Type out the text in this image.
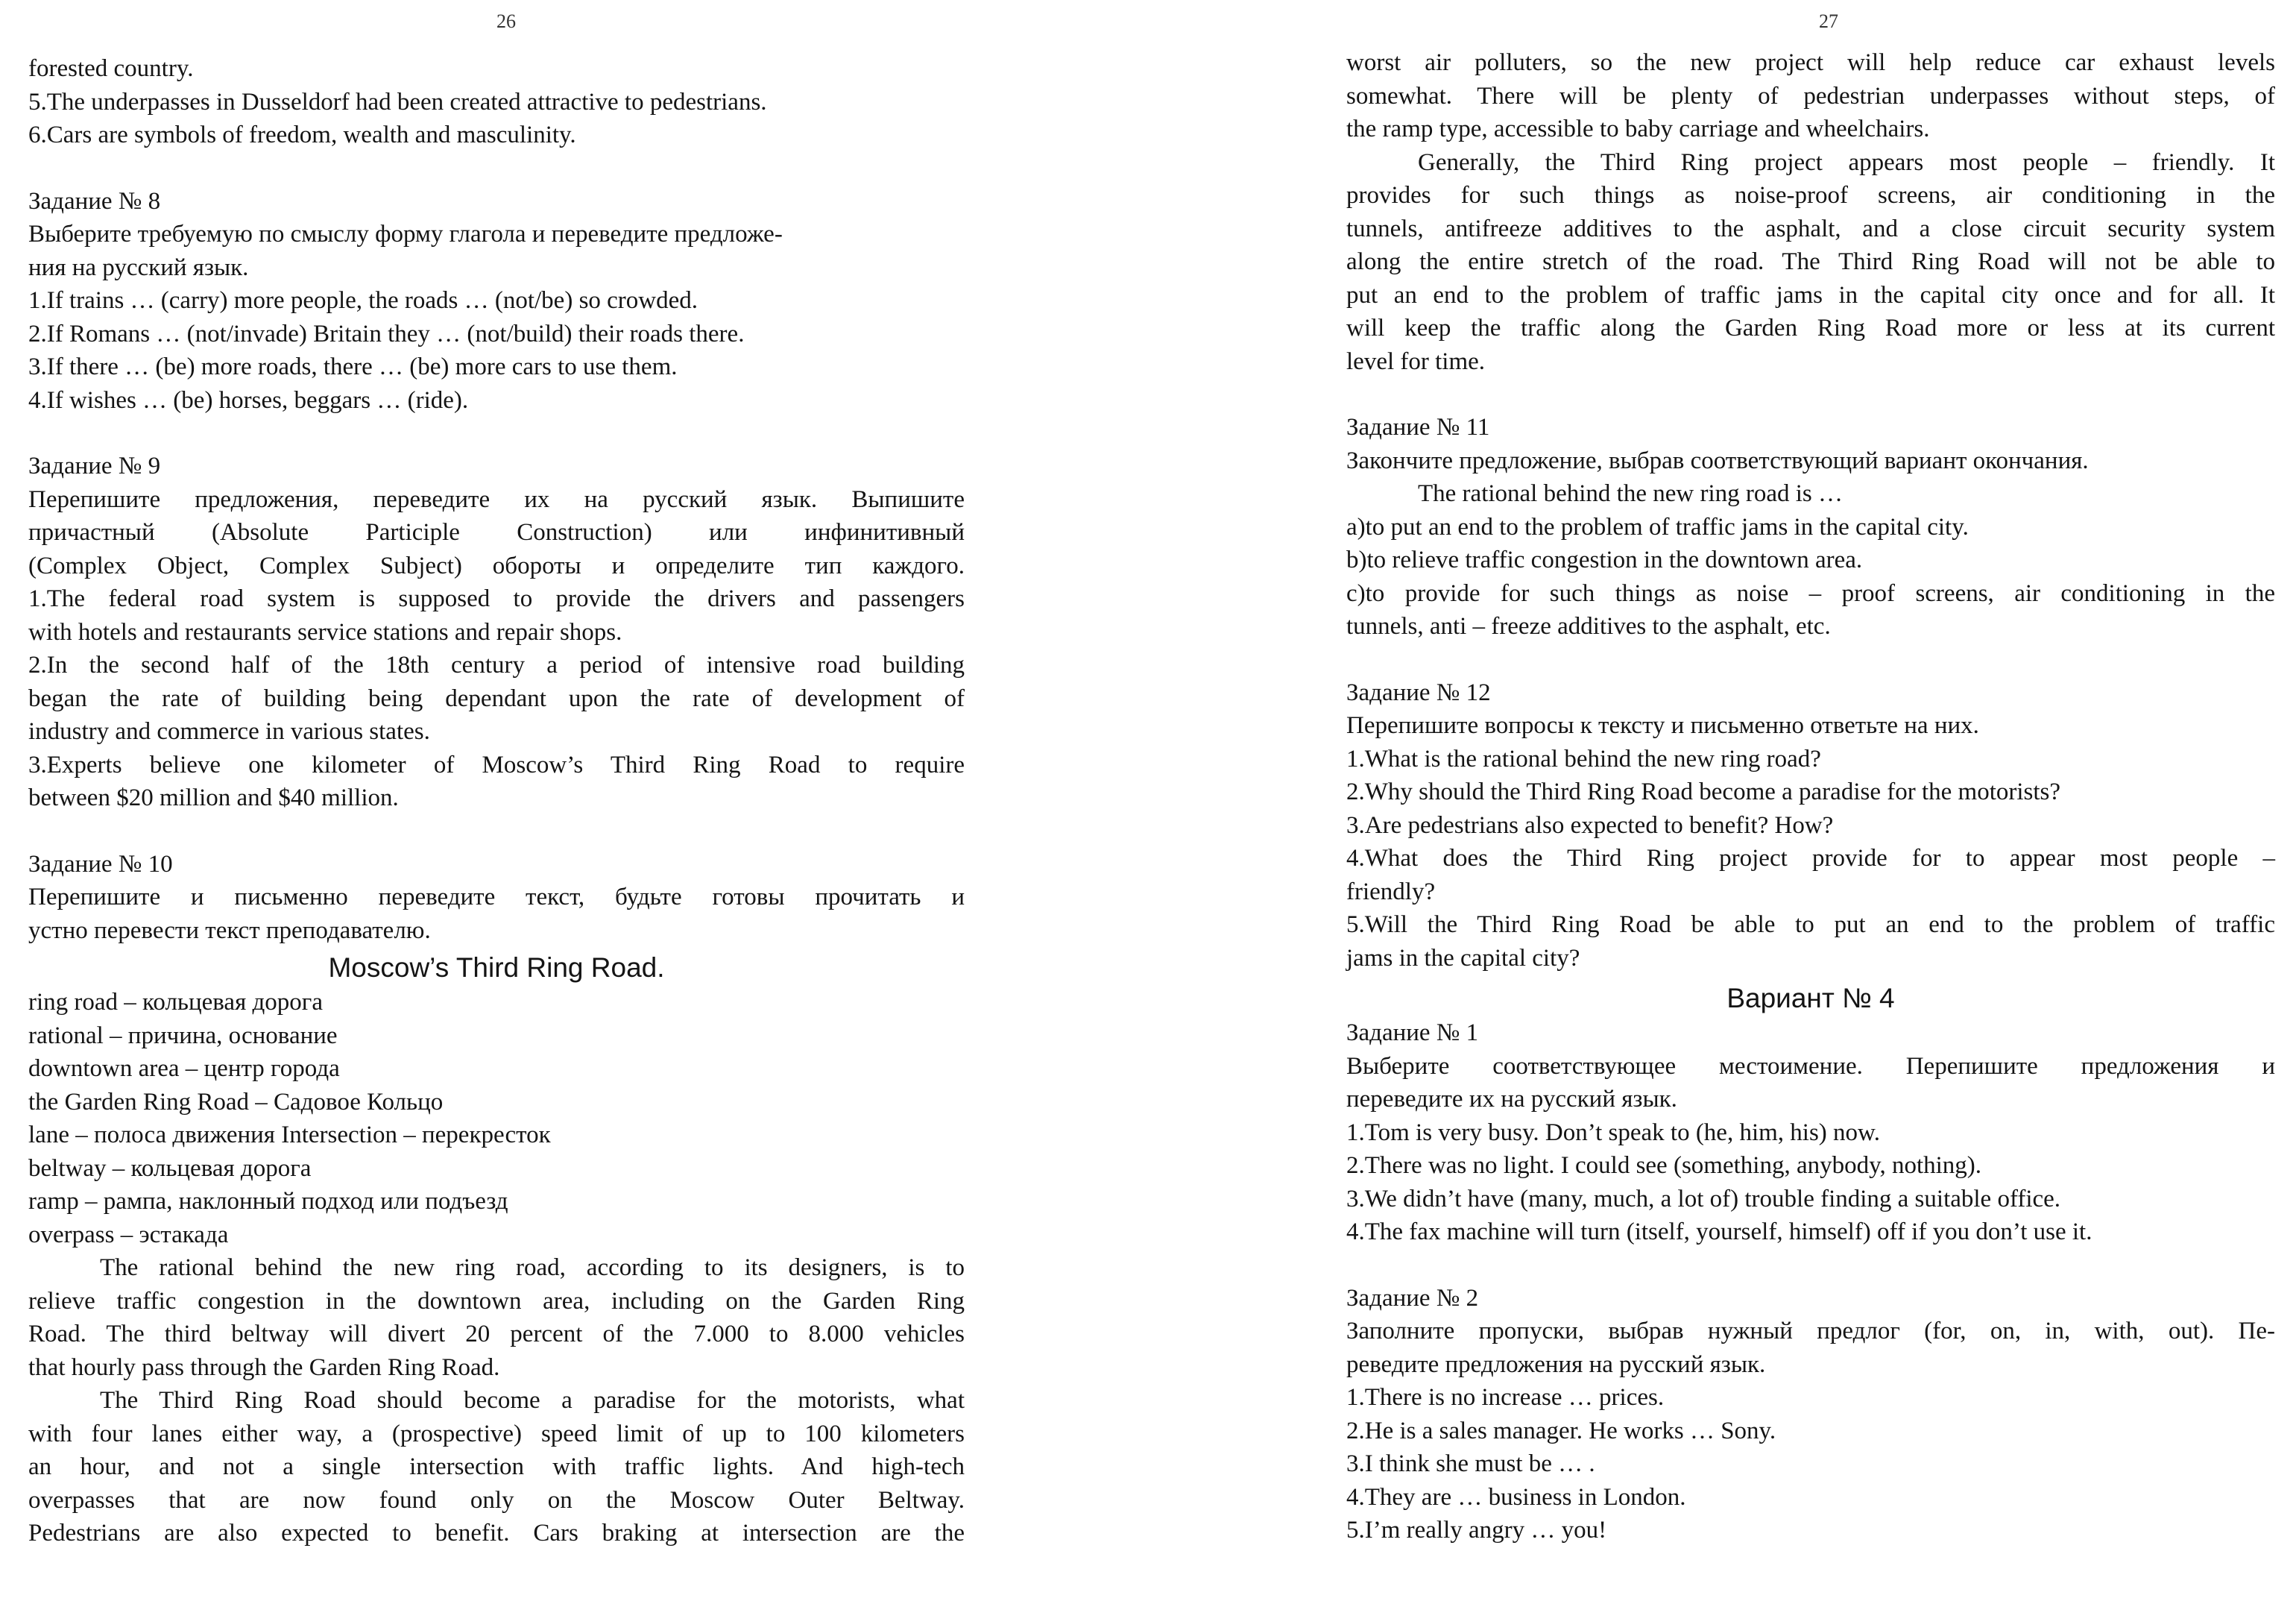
26
forested country.
5.The underpasses in Dusseldorf had been created attractive to pedestrians.
6.Cars are symbols of freedom, wealth and masculinity.
Задание № 8
Выберите требуемую по смыслу форму глагола и переведите предложе-
ния на русский язык.
1.If trains … (carry) more people, the roads … (not/be) so crowded.
2.If Romans … (not/invade) Britain they … (not/build) their roads there.
3.If there … (be) more roads, there … (be) more cars to use them.
4.If wishes … (be) horses, beggars … (ride).
Задание № 9
Перепишите предложения, переведите их на русский язык. Выпишите
причастный (Absolute Participle Construction) или инфинитивный
(Complex Object, Complex Subject) обороты и определите тип каждого.
1.The federal road system is supposed to provide the drivers and passengers
with hotels and restaurants service stations and repair shops.
2.In the second half of the 18th century a period of intensive road building
began the rate of building being dependant upon the rate of development of
industry and commerce in various states.
3.Experts believe one kilometer of Moscow’s Third Ring Road to require
between $20 million and $40 million.
Задание № 10
Перепишите и письменно переведите текст, будьте готовы прочитать и
устно перевести текст преподавателю.
Moscow’s Third Ring Road.
ring road – кольцевая дорога
rational – причина, основание
downtown area – центр города
the Garden Ring Road – Садовое Кольцо
lane – полоса движения Intersection – перекресток
beltway – кольцевая дорога
ramp – рампа, наклонный подход или подъезд
overpass – эстакада
The rational behind the new ring road, according to its designers, is to
relieve traffic congestion in the downtown area, including on the Garden Ring
Road. The third beltway will divert 20 percent of the 7.000 to 8.000 vehicles
that hourly pass through the Garden Ring Road.
The Third Ring Road should become a paradise for the motorists, what
with four lanes either way, a (prospective) speed limit of up to 100 kilometers
an hour, and not a single intersection with traffic lights. And high-tech
overpasses that are now found only on the Moscow Outer Beltway.
Pedestrians are also expected to benefit. Cars braking at intersection are the
27
worst air polluters, so the new project will help reduce car exhaust levels
somewhat. There will be plenty of pedestrian underpasses without steps, of
the ramp type, accessible to baby carriage and wheelchairs.
Generally, the Third Ring project appears most people – friendly. It
provides for such things as noise-proof screens, air conditioning in the
tunnels, antifreeze additives to the asphalt, and a close circuit security system
along the entire stretch of the road. The Third Ring Road will not be able to
put an end to the problem of traffic jams in the capital city once and for all. It
will keep the traffic along the Garden Ring Road more or less at its current
level for time.
Задание № 11
Закончите предложение, выбрав соответствующий вариант окончания.
The rational behind the new ring road is …
a)to put an end to the problem of traffic jams in the capital city.
b)to relieve traffic congestion in the downtown area.
c)to provide for such things as noise – proof screens, air conditioning in the
tunnels, anti – freeze additives to the asphalt, etc.
Задание № 12
Перепишите вопросы к тексту и письменно ответьте на них.
1.What is the rational behind the new ring road?
2.Why should the Third Ring Road become a paradise for the motorists?
3.Are pedestrians also expected to benefit? How?
4.What does the Third Ring project provide for to appear most people –
friendly?
5.Will the Third Ring Road be able to put an end to the problem of traffic
jams in the capital city?
Вариант № 4
Задание № 1
Выберите соответствующее местоимение. Перепишите предложения и
переведите их на русский язык.
1.Tom is very busy. Don’t speak to (he, him, his) now.
2.There was no light. I could see (something, anybody, nothing).
3.We didn’t have (many, much, a lot of) trouble finding a suitable office.
4.The fax machine will turn (itself, yourself, himself) off if you don’t use it.
Задание № 2
Заполните пропуски, выбрав нужный предлог (for, on, in, with, out). Пе-
реведите предложения на русский язык.
1.There is no increase … prices.
2.He is a sales manager. He works … Sony.
3.I think she must be … .
4.They are … business in London.
5.I’m really angry … you!
